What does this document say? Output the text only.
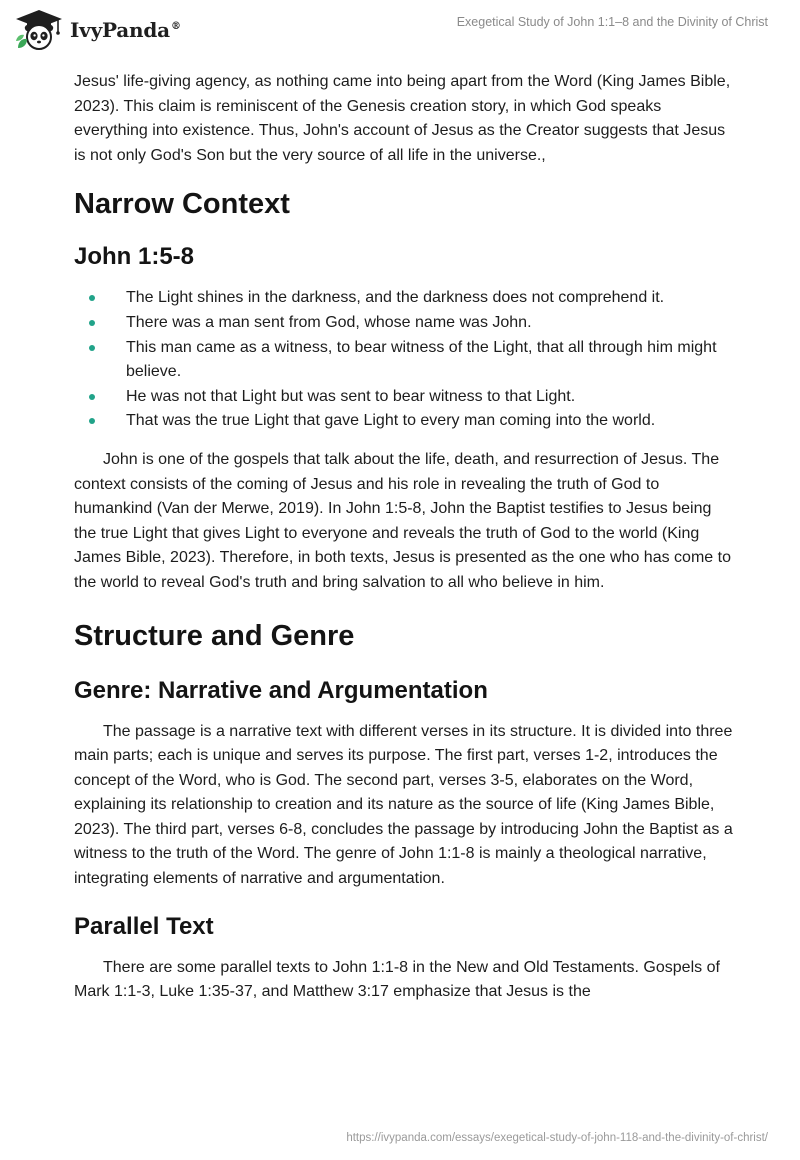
IvyPanda®	Exegetical Study of John 1:1–8 and the Divinity of Christ

Jesus' life-giving agency, as nothing came into being apart from the Word (King James Bible, 2023). This claim is reminiscent of the Genesis creation story, in which God speaks everything into existence. Thus, John's account of Jesus as the Creator suggests that Jesus is not only God's Son but the very source of all life in the universe.,

Narrow Context
John 1:5-8
The Light shines in the darkness, and the darkness does not comprehend it.
There was a man sent from God, whose name was John.
This man came as a witness, to bear witness of the Light, that all through him might believe.
He was not that Light but was sent to bear witness to that Light.
That was the true Light that gave Light to every man coming into the world.

John is one of the gospels that talk about the life, death, and resurrection of Jesus. The context consists of the coming of Jesus and his role in revealing the truth of God to humankind (Van der Merwe, 2019). In John 1:5-8, John the Baptist testifies to Jesus being the true Light that gives Light to everyone and reveals the truth of God to the world (King James Bible, 2023). Therefore, in both texts, Jesus is presented as the one who has come to the world to reveal God's truth and bring salvation to all who believe in him.

Structure and Genre
Genre: Narrative and Argumentation

The passage is a narrative text with different verses in its structure. It is divided into three main parts; each is unique and serves its purpose. The first part, verses 1-2, introduces the concept of the Word, who is God. The second part, verses 3-5, elaborates on the Word, explaining its relationship to creation and its nature as the source of life (King James Bible, 2023). The third part, verses 6-8, concludes the passage by introducing John the Baptist as a witness to the truth of the Word. The genre of John 1:1-8 is mainly a theological narrative, integrating elements of narrative and argumentation.

Parallel Text

There are some parallel texts to John 1:1-8 in the New and Old Testaments. Gospels of Mark 1:1-3, Luke 1:35-37, and Matthew 3:17 emphasize that Jesus is the

https://ivypanda.com/essays/exegetical-study-of-john-118-and-the-divinity-of-christ/
